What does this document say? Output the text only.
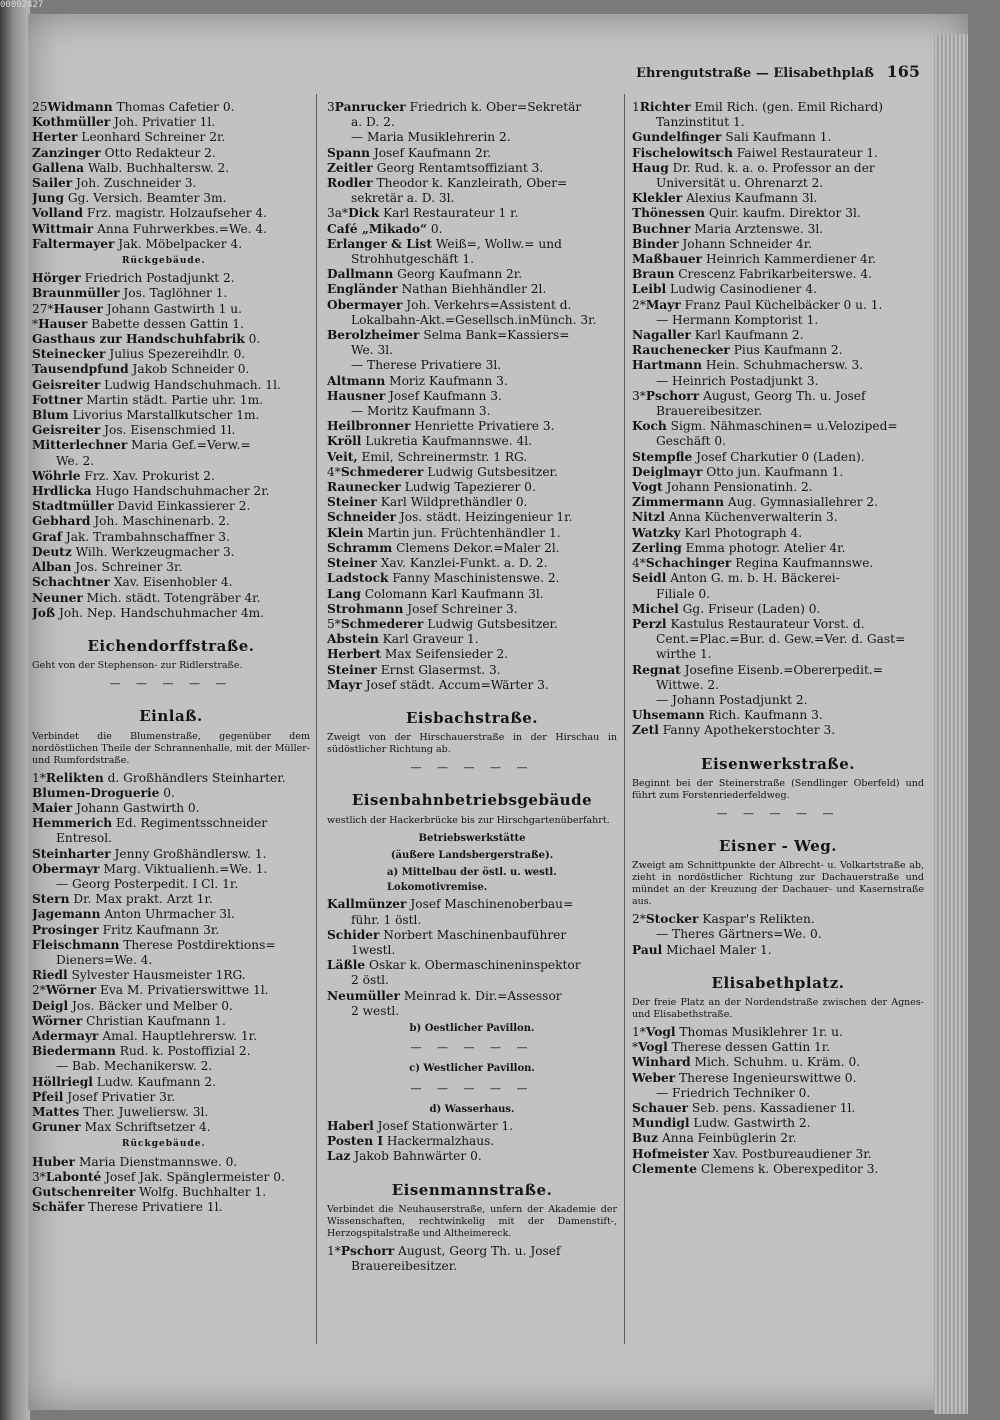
00092427
Ehrengutstraße — Elisabethplaß 165
25Widmann Thomas Cafetier 0.
Kothmüller Joh. Privatier 1l.
Herter Leonhard Schreiner 2r.
Zanzinger Otto Redakteur 2.
Gallena Walb. Buchhaltersw. 2.
Sailer Joh. Zuschneider 3.
Jung Gg. Versich. Beamter 3m.
Volland Frz. magistr. Holzaufseher 4.
Wittmair Anna Fuhrwerkbes.=We. 4.
Faltermayer Jak. Möbelpacker 4.
Rückgebäude.
Hörger Friedrich Postadjunkt 2.
Braunmüller Jos. Taglöhner 1.
27*Hauser Johann Gastwirth 1 u.
*Hauser Babette dessen Gattin 1.
Gasthaus zur Handschuhfabrik 0.
Steinecker Julius Spezereihdlr. 0.
Tausendpfund Jakob Schneider 0.
Geisreiter Ludwig Handschuhmach. 1l.
Fottner Martin städt. Partie uhr. 1m.
Blum Livorius Marstallkutscher 1m.
Geisreiter Jos. Eisenschmied 1l.
Mitterlechner Maria Gef.=Verw.=
We. 2.
Wöhrle Frz. Xav. Prokurist 2.
Hrdlicka Hugo Handschuhmacher 2r.
Stadtmüller David Einkassierer 2.
Gebhard Joh. Maschinenarb. 2.
Graf Jak. Trambahnschaffner 3.
Deutz Wilh. Werkzeugmacher 3.
Alban Jos. Schreiner 3r.
Schachtner Xav. Eisenhobler 4.
Neuner Mich. städt. Totengräber 4r.
Joß Joh. Nep. Handschuhmacher 4m.
Eichendorffstraße.
Geht von der Stephenson- zur Ridlerstraße.
— — — — —
Einlaß.
Verbindet die Blumenstraße, gegenüber dem nordöstlichen Theile der Schrannenhalle, mit der Müller- und Rumfordstraße.
1*Relikten d. Großhändlers Steinharter.
Blumen-Droguerie 0.
Maier Johann Gastwirth 0.
Hemmerich Ed. Regimentsschneider
Entresol.
Steinharter Jenny Großhändlersw. 1.
Obermayr Marg. Viktualienh.=We. 1.
— Georg Posterpedit. I Cl. 1r.
Stern Dr. Max prakt. Arzt 1r.
Jagemann Anton Uhrmacher 3l.
Prosinger Fritz Kaufmann 3r.
Fleischmann Therese Postdirektions=
Dieners=We. 4.
Riedl Sylvester Hausmeister 1RG.
2*Wörner Eva M. Privatierswittwe 1l.
Deigl Jos. Bäcker und Melber 0.
Wörner Christian Kaufmann 1.
Adermayr Amal. Hauptlehrersw. 1r.
Biedermann Rud. k. Postoffizial 2.
— Bab. Mechanikersw. 2.
Höllriegl Ludw. Kaufmann 2.
Pfeil Josef Privatier 3r.
Mattes Ther. Juweliersw. 3l.
Gruner Max Schriftsetzer 4.
Rückgebäude.
Huber Maria Dienstmannswe. 0.
3*Labonté Josef Jak. Spänglermeister 0.
Gutschenreiter Wolfg. Buchhalter 1.
Schäfer Therese Privatiere 1l.
3Panrucker Friedrich k. Ober=Sekretär
a. D. 2.
— Maria Musiklehrerin 2.
Spann Josef Kaufmann 2r.
Zeitler Georg Rentamtsoffiziant 3.
Rodler Theodor k. Kanzleirath, Ober=
sekretär a. D. 3l.
3a*Dick Karl Restaurateur 1 r.
Café „Mikado“ 0.
Erlanger & List Weiß=, Wollw.= und
Strohhutgeschäft 1.
Dallmann Georg Kaufmann 2r.
Engländer Nathan Biehhändler 2l.
Obermayer Joh. Verkehrs=Assistent d.
Lokalbahn-Akt.=Gesellsch.inMünch. 3r.
Berolzheimer Selma Bank=Kassiers=
We. 3l.
— Therese Privatiere 3l.
Altmann Moriz Kaufmann 3.
Hausner Josef Kaufmann 3.
— Moritz Kaufmann 3.
Heilbronner Henriette Privatiere 3.
Kröll Lukretia Kaufmannswe. 4l.
Veit, Emil, Schreinermstr. 1 RG.
4*Schmederer Ludwig Gutsbesitzer.
Raunecker Ludwig Tapezierer 0.
Steiner Karl Wildprethändler 0.
Schneider Jos. städt. Heizingenieur 1r.
Klein Martin jun. Früchtenhändler 1.
Schramm Clemens Dekor.=Maler 2l.
Steiner Xav. Kanzlei-Funkt. a. D. 2.
Ladstock Fanny Maschinistenswe. 2.
Lang Colomann Karl Kaufmann 3l.
Strohmann Josef Schreiner 3.
5*Schmederer Ludwig Gutsbesitzer.
Abstein Karl Graveur 1.
Herbert Max Seifensieder 2.
Steiner Ernst Glasermst. 3.
Mayr Josef städt. Accum=Wärter 3.
Eisbachstraße.
Zweigt von der Hirschauerstraße in der Hirschau in südöstlicher Richtung ab.
— — — — —
Eisenbahnbetriebsgebäude
westlich der Hackerbrücke bis zur Hirschgartenüberfahrt.
Betriebswerkstätte
(äußere Landsbergerstraße).
a) Mittelbau der östl. u. westl. Lokomotivremise.
Kallmünzer Josef Maschinenoberbau=
führ. 1 östl.
Schider Norbert Maschinenbauführer
1westl.
Läßle Oskar k. Obermaschineninspektor
2 östl.
Neumüller Meinrad k. Dir.=Assessor
2 westl.
b) Oestlicher Pavillon.
— — — — —
c) Westlicher Pavillon.
— — — — —
d) Wasserhaus.
Haberl Josef Stationwärter 1.
Posten I Hackermalzhaus.
Laz Jakob Bahnwärter 0.
Eisenmannstraße.
Verbindet die Neuhauserstraße, unfern der Akademie der Wissenschaften, rechtwinkelig mit der Damenstift-, Herzogspitalstraße und Altheimereck.
1*Pschorr August, Georg Th. u. Josef
Brauereibesitzer.
1Richter Emil Rich. (gen. Emil Richard)
Tanzinstitut 1.
Gundelfinger Sali Kaufmann 1.
Fischelowitsch Faiwel Restaurateur 1.
Haug Dr. Rud. k. a. o. Professor an der
Universität u. Ohrenarzt 2.
Klekler Alexius Kaufmann 3l.
Thönessen Quir. kaufm. Direktor 3l.
Buchner Maria Arztenswe. 3l.
Binder Johann Schneider 4r.
Maßbauer Heinrich Kammerdiener 4r.
Braun Crescenz Fabrikarbeiterswe. 4.
Leibl Ludwig Casinodiener 4.
2*Mayr Franz Paul Küchelbäcker 0 u. 1.
— Hermann Komptorist 1.
Nagaller Karl Kaufmann 2.
Rauchenecker Pius Kaufmann 2.
Hartmann Hein. Schuhmachersw. 3.
— Heinrich Postadjunkt 3.
3*Pschorr August, Georg Th. u. Josef
Brauereibesitzer.
Koch Sigm. Nähmaschinen= u.Veloziped=
Geschäft 0.
Stempfle Josef Charkutier 0 (Laden).
Deiglmayr Otto jun. Kaufmann 1.
Vogt Johann Pensionatinh. 2.
Zimmermann Aug. Gymnasiallehrer 2.
Nitzl Anna Küchenverwalterin 3.
Watzky Karl Photograph 4.
Zerling Emma photogr. Atelier 4r.
4*Schachinger Regina Kaufmannswe.
Seidl Anton G. m. b. H. Bäckerei-
Filiale 0.
Michel Gg. Friseur (Laden) 0.
Perzl Kastulus Restaurateur Vorst. d.
Cent.=Plac.=Bur. d. Gew.=Ver. d. Gast=
wirthe 1.
Regnat Josefine Eisenb.=Obererpedit.=
Wittwe. 2.
— Johann Postadjunkt 2.
Uhsemann Rich. Kaufmann 3.
Zetl Fanny Apothekerstochter 3.
Eisenwerkstraße.
Beginnt bei der Steinerstraße (Sendlinger Oberfeld) und führt zum Forstenriederfeldweg.
— — — — —
Eisner - Weg.
Zweigt am Schnittpunkte der Albrecht- u. Volkartstraße ab, zieht in nordöstlicher Richtung zur Dachauerstraße und mündet an der Kreuzung der Dachauer- und Kasernstraße aus.
2*Stocker Kaspar's Relikten.
— Theres Gärtners=We. 0.
Paul Michael Maler 1.
Elisabethplatz.
Der freie Platz an der Nordendstraße zwischen der Agnes- und Elisabethstraße.
1*Vogl Thomas Musiklehrer 1r. u.
*Vogl Therese dessen Gattin 1r.
Winhard Mich. Schuhm. u. Kräm. 0.
Weber Therese Ingenieurswittwe 0.
— Friedrich Techniker 0.
Schauer Seb. pens. Kassadiener 1l.
Mundigl Ludw. Gastwirth 2.
Buz Anna Feinbüglerin 2r.
Hofmeister Xav. Postbureaudiener 3r.
Clemente Clemens k. Oberexpeditor 3.
